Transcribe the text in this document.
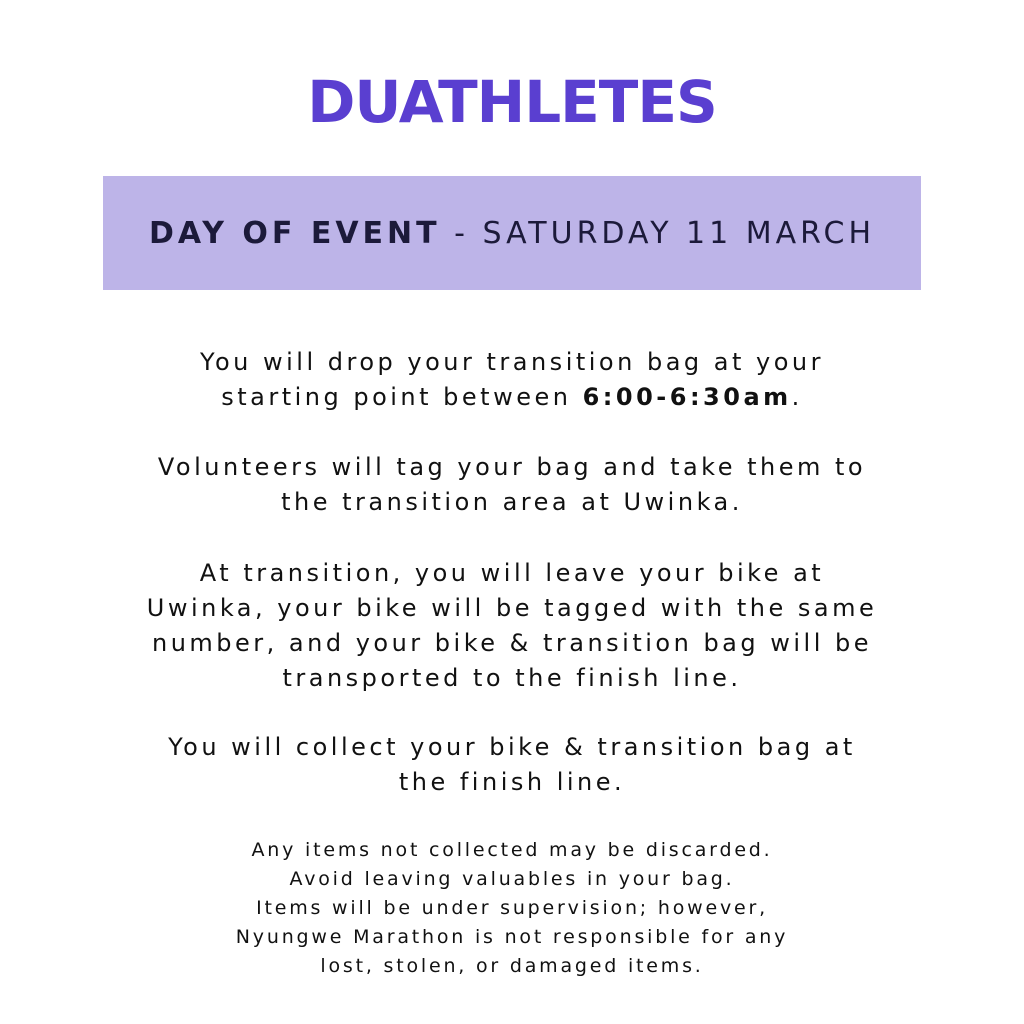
DUATHLETES
DAY OF EVENT - SATURDAY 11 MARCH
You will drop your transition bag at your
starting point between 6:00-6:30am.
Volunteers will tag your bag and take them to
the transition area at Uwinka.
At transition, you will leave your bike at
Uwinka, your bike will be tagged with the same
number, and your bike & transition bag will be
transported to the finish line.
You will collect your bike & transition bag at
the finish line.
Any items not collected may be discarded.
Avoid leaving valuables in your bag.
Items will be under supervision; however,
Nyungwe Marathon is not responsible for any
lost, stolen, or damaged items.
